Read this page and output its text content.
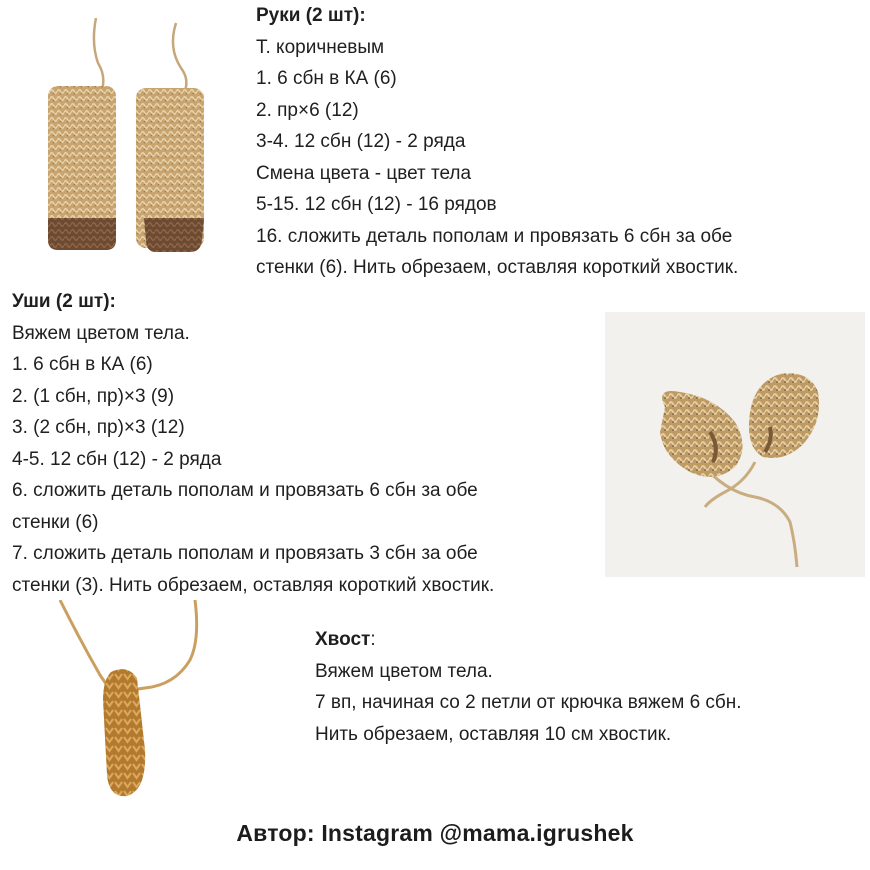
Руки (2 шт):
Т. коричневым
1. 6 сбн в КА (6)
2. пр×6 (12)
3-4. 12 сбн (12) - 2 ряда
Смена цвета - цвет тела
5-15. 12 сбн (12) - 16 рядов
16. сложить деталь пополам и провязать 6 сбн за обе
стенки (6). Нить обрезаем, оставляя короткий хвостик.
Уши (2 шт):
Вяжем цветом тела.
1. 6 сбн в КА (6)
2. (1 сбн, пр)×3 (9)
3. (2 сбн, пр)×3 (12)
4-5. 12 сбн (12) - 2 ряда
6. сложить деталь пополам и провязать 6 сбн за обе
стенки (6)
7. сложить деталь пополам и провязать 3 сбн за обе
стенки (3). Нить обрезаем, оставляя короткий хвостик.
Хвост:
Вяжем цветом тела.
7 вп, начиная со 2 петли от крючка вяжем 6 сбн.
Нить обрезаем, оставляя 10 см хвостик.
Автор: Instagram @mama.igrushek
